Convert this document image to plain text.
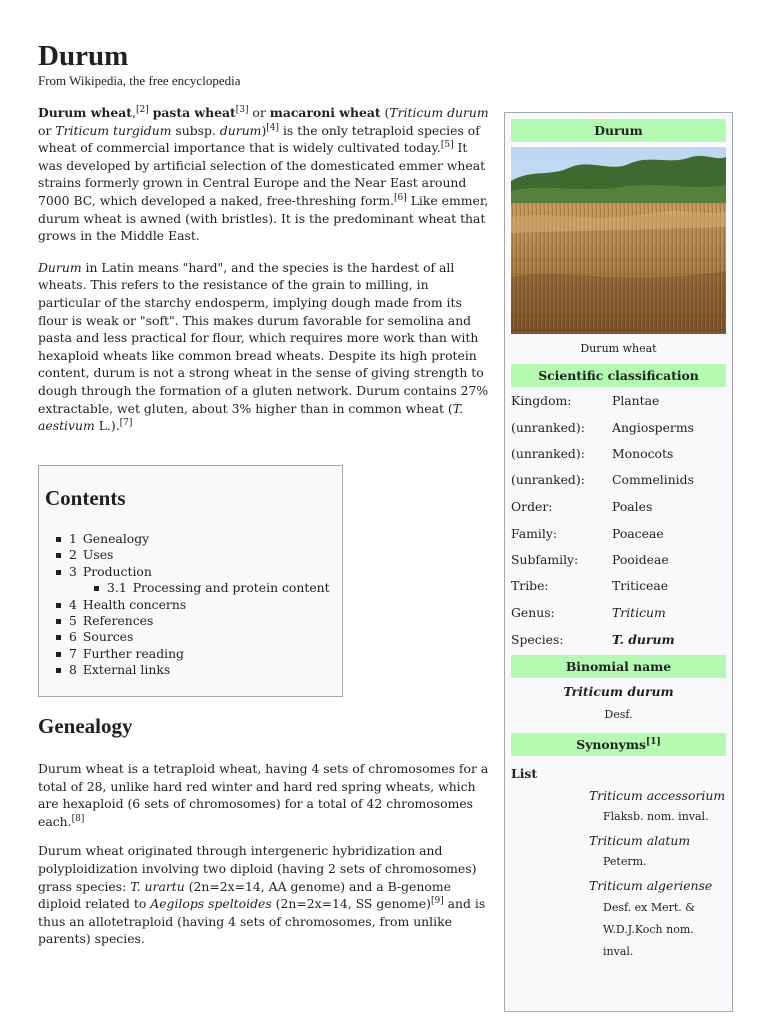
Durum
From Wikipedia, the free encyclopedia

Durum wheat,[2] pasta wheat[3] or macaroni wheat (Triticum durum or Triticum turgidum subsp. durum)[4] is the only tetraploid species of wheat of commercial importance that is widely cultivated today.[5] It was developed by artificial selection of the domesticated emmer wheat strains formerly grown in Central Europe and the Near East around 7000 BC, which developed a naked, free-threshing form.[6] Like emmer, durum wheat is awned (with bristles). It is the predominant wheat that grows in the Middle East.

Durum in Latin means "hard", and the species is the hardest of all wheats. This refers to the resistance of the grain to milling, in particular of the starchy endosperm, implying dough made from its flour is weak or "soft". This makes durum favorable for semolina and pasta and less practical for flour, which requires more work than with hexaploid wheats like common bread wheats. Despite its high protein content, durum is not a strong wheat in the sense of giving strength to dough through the formation of a gluten network. Durum contains 27% extractable, wet gluten, about 3% higher than in common wheat (T. aestivum L.).[7]

Contents
1 Genealogy
2 Uses
3 Production
3.1 Processing and protein content
4 Health concerns
5 References
6 Sources
7 Further reading
8 External links
Genealogy

Durum wheat is a tetraploid wheat, having 4 sets of chromosomes for a total of 28, unlike hard red winter and hard red spring wheats, which are hexaploid (6 sets of chromosomes) for a total of 42 chromosomes each.[8]

Durum wheat originated through intergeneric hybridization and polyploidization involving two diploid (having 2 sets of chromosomes) grass species: T. urartu (2n=2x=14, AA genome) and a B-genome diploid related to Aegilops speltoides (2n=2x=14, SS genome)[9] and is thus an allotetraploid (having 4 sets of chromosomes, from unlike parents) species.

Durum
Durum wheat
Scientific classification
Kingdom:	Plantae
(unranked): Angiosperms
(unranked): Monocots
(unranked): Commelinids
Order:	Poales
Family:	Poaceae
Subfamily:	Pooideae
Tribe:	Triticeae
Genus:	Triticum
Species:	T. durum
Binomial name
Triticum durum
Desf.
Synonyms[1]
List
Triticum accessorium
Flaksb. nom. inval.
Triticum alatum
Peterm.
Triticum algeriense
Desf. ex Mert. &
W.D.J.Koch nom.
inval.
